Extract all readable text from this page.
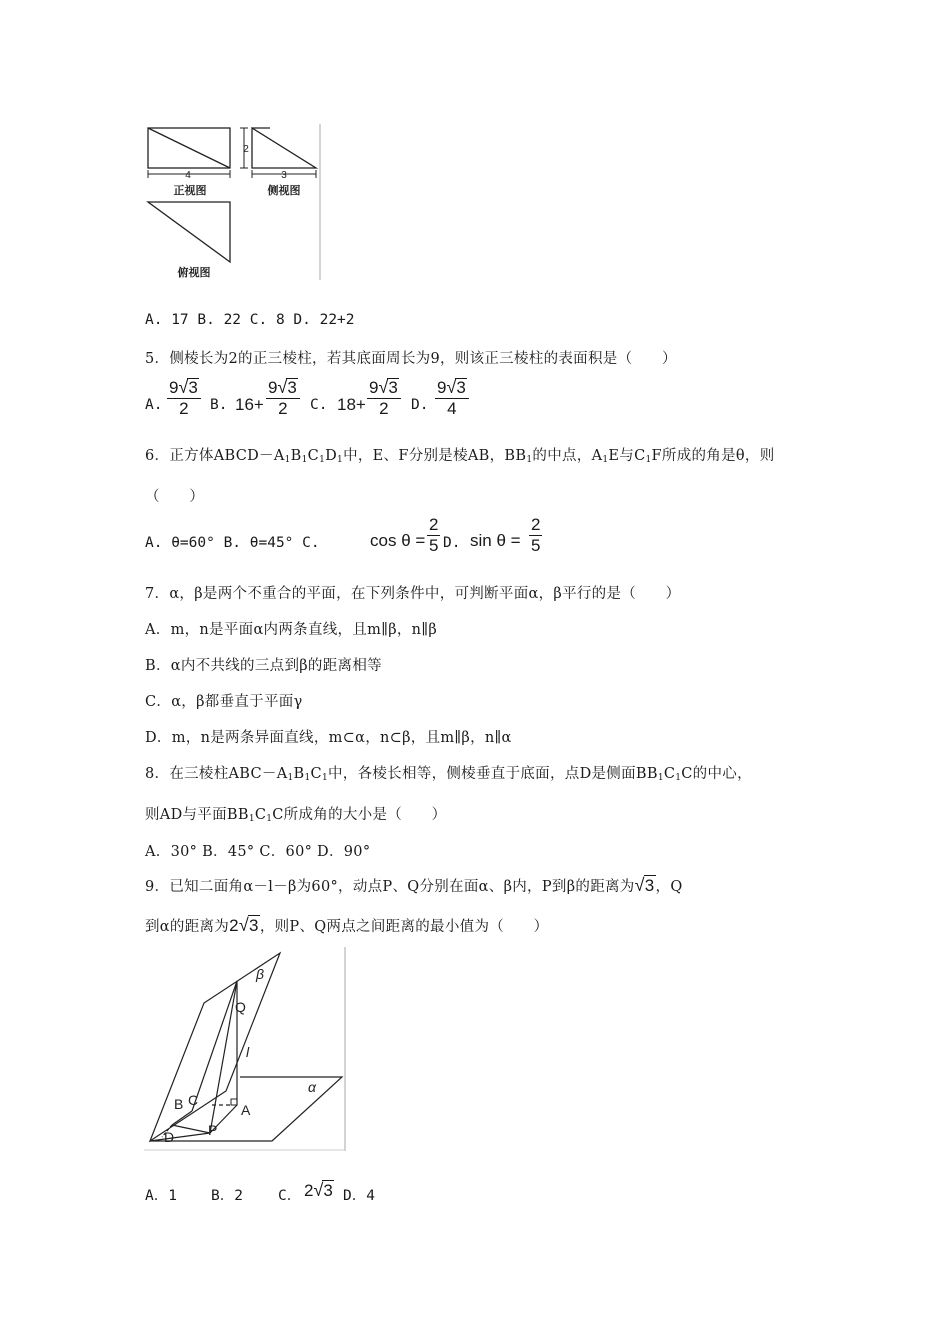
4
正视图
2
3
侧视图
俯视图
A. 17 B. 22 C. 8 D. 22+2
5．侧棱长为2的正三棱柱，若其底面周长为9，则该正三棱柱的表面积是（　　）
A.
9√3
2 B. 16+
9√3
2 C. 18+
9√3
2 D.
9√3
4
6．正方体$ABCD-A_1B_1C_1D_1$中，E、F分别是棱AB，$BB_1$的中点，$A_1E$与$C_1F$所成的角是θ，则
（　　）
A. θ=60° B. θ=45° C.	cos θ =
2
5 D. sin θ =
2
5
7．α，β是两个不重合的平面，在下列条件中，可判断平面α，β平行的是（　　）
A．m，n是平面α内两条直线，且m∥β，n∥β
B．α内不共线的三点到β的距离相等
C．α，β都垂直于平面γ
D．m，n是两条异面直线，m⊂α，n⊂β，且m∥β，n∥α
8．在三棱柱$ABC-A_1B_1C_1$中，各棱长相等，侧棱垂直于底面，点D是侧面$BB_1C_1C$的中心，
则AD与平面$BB_1C_1C$所成角的大小是（　　）
A．30° B．45° C．60° D．90°
9．已知二面角α－l－β为60°，动点P、Q分别在面α、β内，P到β的距离为√3，Q
到α的距离为2√3，则P、Q两点之间距离的最小值为（　　）
β
Q
l
α
B C
A
D P
A．1 B．2 C． 2√3 D．4
